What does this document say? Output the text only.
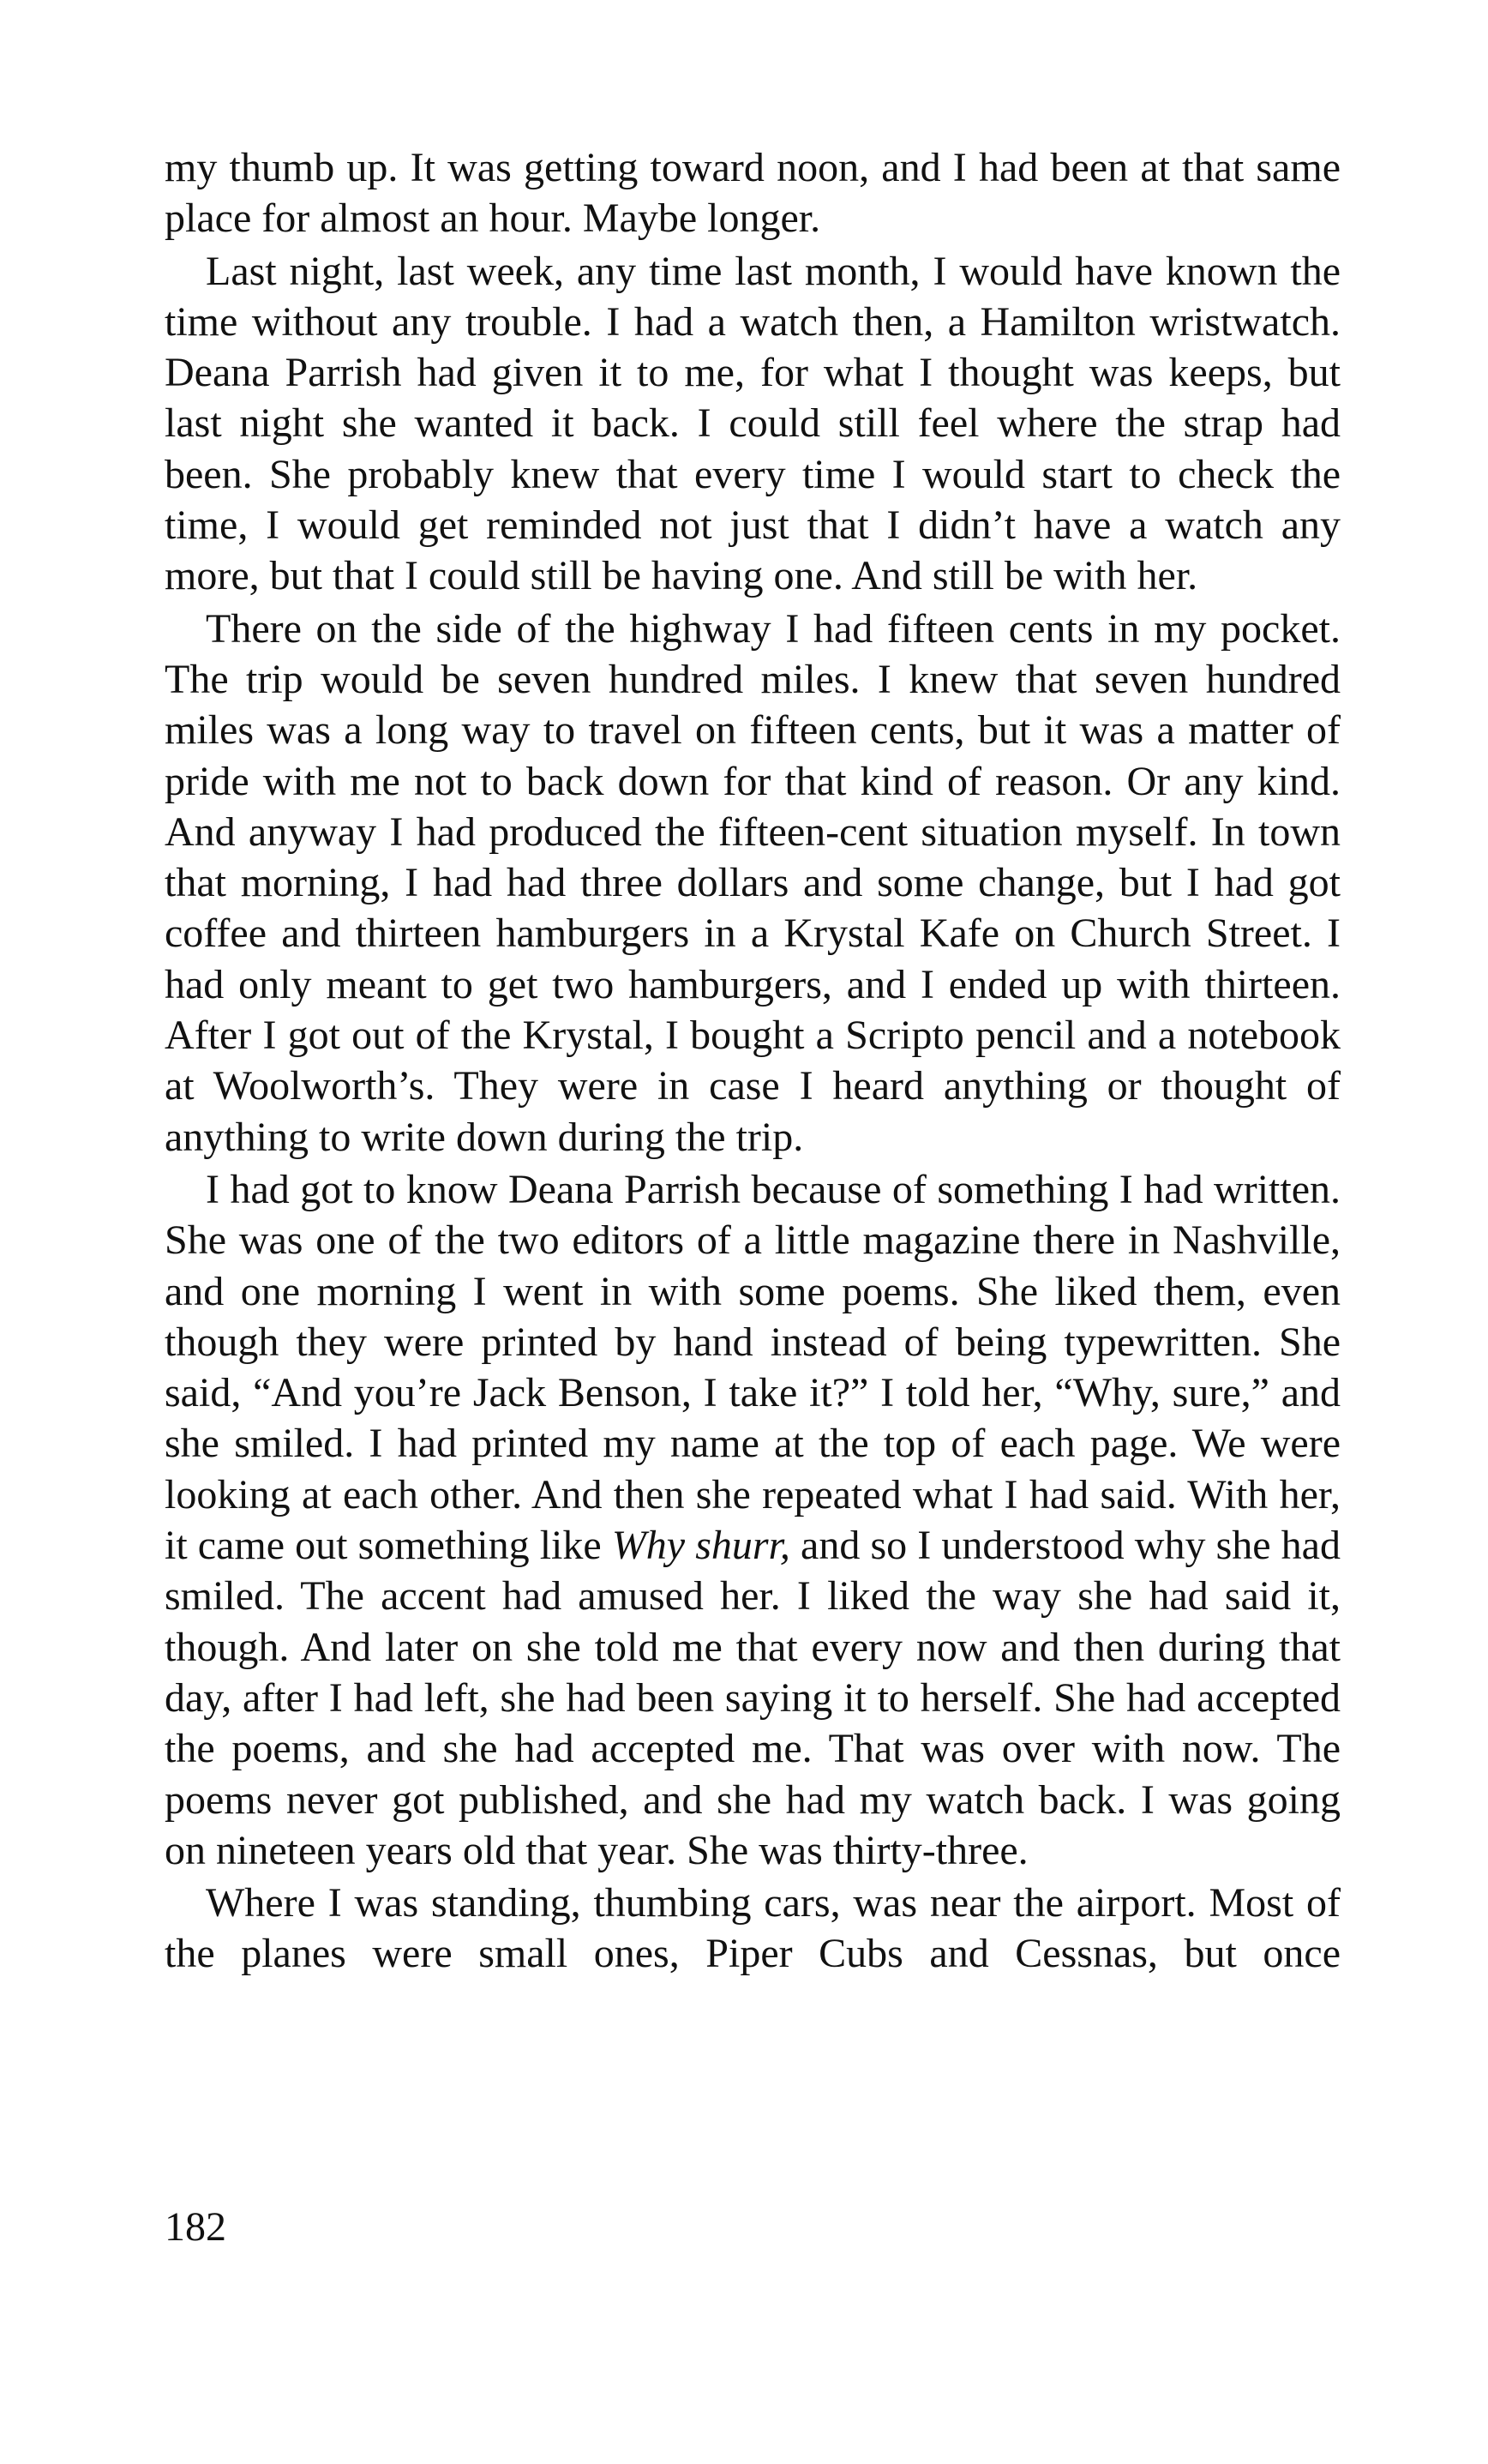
my thumb up. It was getting toward noon, and I had been at that same place for almost an hour. Maybe longer.

Last night, last week, any time last month, I would have known the time without any trouble. I had a watch then, a Hamilton wristwatch. Deana Parrish had given it to me, for what I thought was keeps, but last night she wanted it back. I could still feel where the strap had been. She probably knew that every time I would start to check the time, I would get reminded not just that I didn’t have a watch any more, but that I could still be having one. And still be with her.

There on the side of the highway I had fifteen cents in my pocket. The trip would be seven hundred miles. I knew that seven hundred miles was a long way to travel on fifteen cents, but it was a matter of pride with me not to back down for that kind of reason. Or any kind. And anyway I had produced the fifteen-cent situation myself. In town that morning, I had had three dollars and some change, but I had got coffee and thirteen hamburgers in a Krystal Kafe on Church Street. I had only meant to get two hamburgers, and I ended up with thirteen. After I got out of the Krystal, I bought a Scripto pencil and a notebook at Woolworth’s. They were in case I heard anything or thought of anything to write down during the trip.

I had got to know Deana Parrish because of something I had written. She was one of the two editors of a little magazine there in Nashville, and one morning I went in with some poems. She liked them, even though they were printed by hand instead of being typewritten. She said, “And you’re Jack Benson, I take it?” I told her, “Why, sure,” and she smiled. I had printed my name at the top of each page. We were looking at each other. And then she repeated what I had said. With her, it came out something like Why shurr, and so I understood why she had smiled. The accent had amused her. I liked the way she had said it, though. And later on she told me that every now and then during that day, after I had left, she had been saying it to herself. She had accepted the poems, and she had accepted me. That was over with now. The poems never got published, and she had my watch back. I was going on nineteen years old that year. She was thirty-three.

Where I was standing, thumbing cars, was near the airport. Most of the planes were small ones, Piper Cubs and Cessnas, but once

182
